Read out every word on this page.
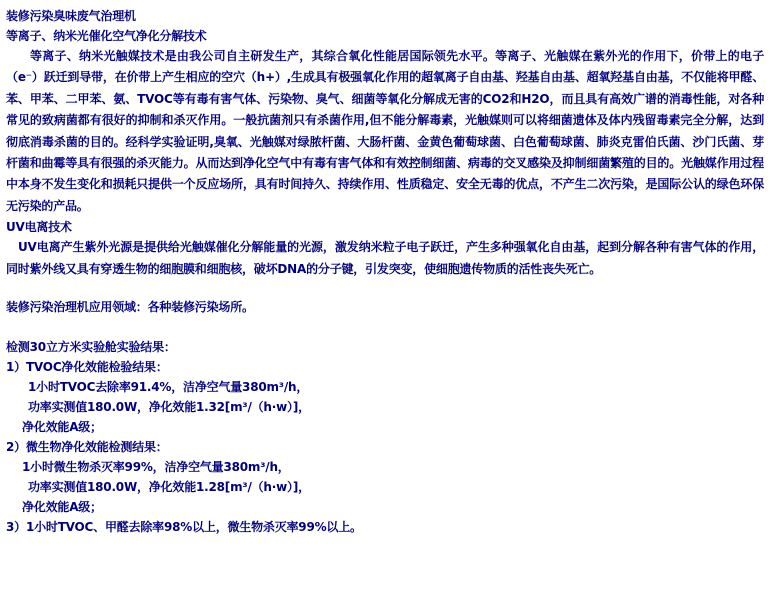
装修污染臭味废气治理机
等离子、纳米光催化空气净化分解技术

等离子、纳米光触媒技术是由我公司自主研发生产，其综合氧化性能居国际领先水平。等离子、光触媒在紫外光的作用下，价带上的电子（e⁻）跃迁到导带，在价带上产生相应的空穴（h+）,生成具有极强氧化作用的超氧离子自由基、羟基自由基、超氧羟基自由基，不仅能将甲醛、苯、甲苯、二甲苯、氨、TVOC等有毒有害气体、污染物、臭气、细菌等氧化分解成无害的CO2和H2O，而且具有高效广谱的消毒性能，对各种常见的致病菌都有很好的抑制和杀灭作用。一般抗菌剂只有杀菌作用,但不能分解毒素，光触媒则可以将细菌遗体及体内残留毒素完全分解，达到彻底消毒杀菌的目的。经科学实验证明,臭氧、光触媒对绿脓杆菌、大肠杆菌、金黄色葡萄球菌、白色葡萄球菌、肺炎克雷伯氏菌、沙门氏菌、芽杆菌和曲霉等具有很强的杀灭能力。从而达到净化空气中有毒有害气体和有效控制细菌、病毒的交叉感染及抑制细菌繁殖的目的。光触媒作用过程中本身不发生变化和损耗只提供一个反应场所，具有时间持久、持续作用、性质稳定、安全无毒的优点，不产生二次污染，是国际公认的绿色环保无污染的产品。

UV电离技术

UV电离产生紫外光源是提供给光触媒催化分解能量的光源，激发纳米粒子电子跃迁，产生多种强氧化自由基，起到分解各种有害气体的作用，同时紫外线又具有穿透生物的细胞膜和细胞核，破坏DNA的分子键，引发突变，使细胞遗传物质的活性丧失死亡。

装修污染治理机应用领域：各种装修污染场所。
检测30立方米实验舱实验结果：
1）TVOC净化效能检验结果：
1小时TVOC去除率91.4%，洁净空气量380m³/h，
功率实测值180.0W，净化效能1.32[m³/（h·w）]，
净化效能A级；
2）微生物净化效能检测结果：
1小时微生物杀灭率99%，洁净空气量380m³/h，
功率实测值180.0W，净化效能1.28[m³/（h·w）]，
净化效能A级；
3）1小时TVOC、甲醛去除率98%以上，微生物杀灭率99%以上。
